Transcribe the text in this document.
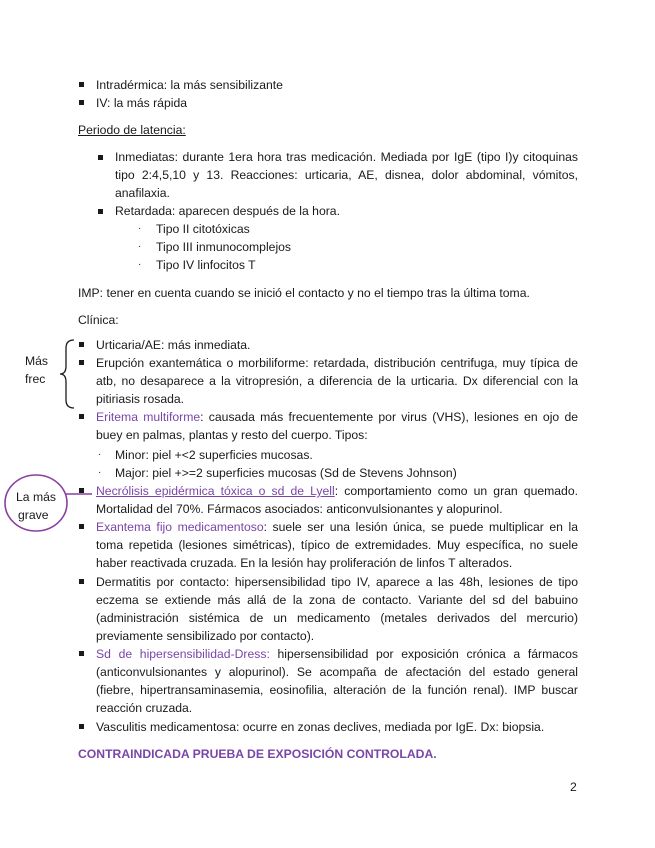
Intradérmica: la más sensibilizante
IV: la más rápida
Periodo de latencia:
Inmediatas: durante 1era hora tras medicación. Mediada por IgE (tipo I)y citoquinas tipo 2:4,5,10 y 13. Reacciones: urticaria, AE, disnea, dolor abdominal, vómitos, anafilaxia.
Retardada: aparecen después de la hora.
· Tipo II citotóxicas
· Tipo III inmunocomplejos
· Tipo IV linfocitos T
IMP: tener en cuenta cuando se inició el contacto y no el tiempo tras la última toma.
Clínica:
Más
frec
Urticaria/AE: más inmediata.
Erupción exantemática o morbiliforme: retardada, distribución centrifuga, muy típica de atb, no desaparece a la vitropresión, a diferencia de la urticaria. Dx diferencial con la pitiriasis rosada.
Eritema multiforme: causada más frecuentemente por virus (VHS), lesiones en ojo de buey en palmas, plantas y resto del cuerpo. Tipos:
· Minor: piel +<2 superficies mucosas.
· Major: piel +>=2 superficies mucosas (Sd de Stevens Johnson)
Necrólisis epidérmica tóxica o sd de Lyell: comportamiento como un gran quemado. Mortalidad del 70%. Fármacos asociados: anticonvulsionantes y alopurinol.
La más
grave
Exantema fijo medicamentoso: suele ser una lesión única, se puede multiplicar en la toma repetida (lesiones simétricas), típico de extremidades. Muy específica, no suele haber reactivada cruzada. En la lesión hay proliferación de linfos T alterados.
Dermatitis por contacto: hipersensibilidad tipo IV, aparece a las 48h, lesiones de tipo eczema se extiende más allá de la zona de contacto. Variante del sd del babuino (administración sistémica de un medicamento (metales derivados del mercurio) previamente sensibilizado por contacto).
Sd de hipersensibilidad-Dress: hipersensibilidad por exposición crónica a fármacos (anticonvulsionantes y alopurinol). Se acompaña de afectación del estado general (fiebre, hipertransaminasemia, eosinofilia, alteración de la función renal). IMP buscar reacción cruzada.
Vasculitis medicamentosa: ocurre en zonas declives, mediada por IgE. Dx: biopsia.
CONTRAINDICADA PRUEBA DE EXPOSICIÓN CONTROLADA.
2
